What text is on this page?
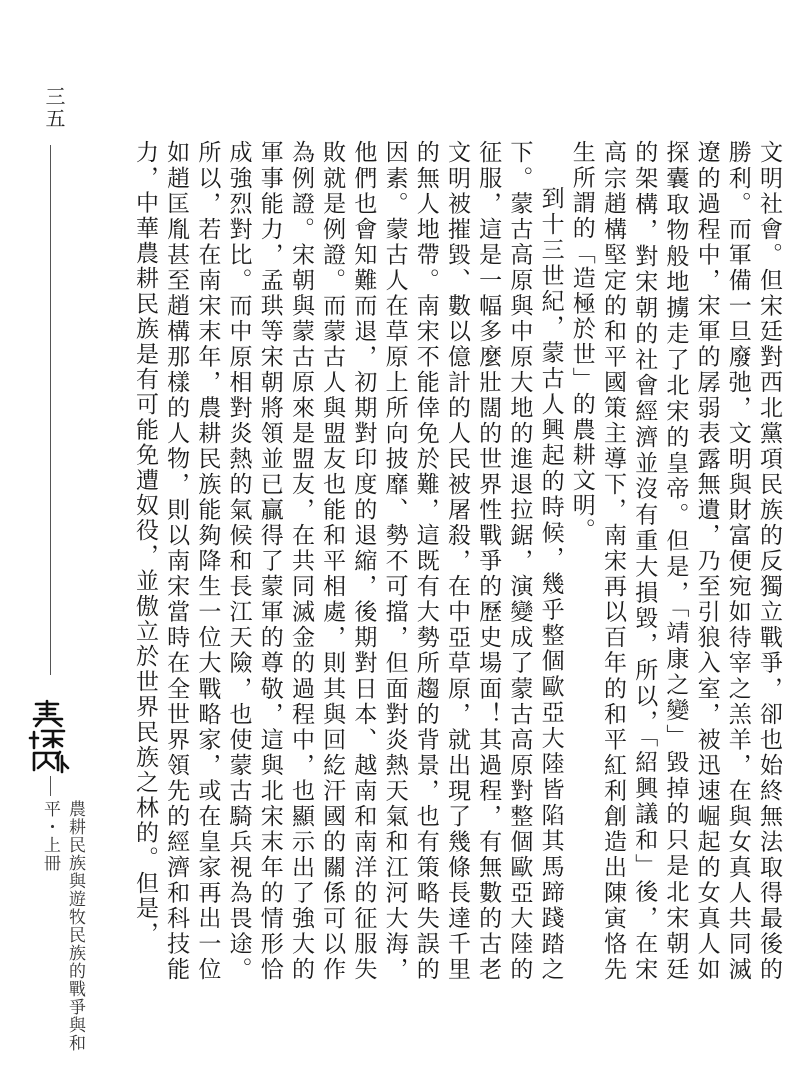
三五
農耕民族與遊牧民族的戰爭與和平・上冊	文明社會。但宋廷對西北黨項民族的反獨立戰爭，卻也始終無法取得最後的勝利。而軍備一旦廢弛，文明與財富便宛如待宰之羔羊，在與女真人共同滅遼的過程中，宋軍的孱弱表露無遺，乃至引狼入室，被迅速崛起的女真人如探囊取物般地擄走了北宋的皇帝。但是，「靖康之變」毀掉的只是北宋朝廷的架構，對宋朝的社會經濟並沒有重大損毀，所以，「紹興議和」後，在宋高宗趙構堅定的和平國策主導下，南宋再以百年的和平紅利創造出陳寅恪先生所謂的「造極於世」的農耕文明。

到十三世紀，蒙古人興起的時候，幾乎整個歐亞大陸皆陷其馬蹄踐踏之下。蒙古高原與中原大地的進退拉鋸，演變成了蒙古高原對整個歐亞大陸的征服，這是一幅多麼壯闊的世界性戰爭的歷史場面！其過程，有無數的古老文明被摧毀、數以億計的人民被屠殺，在中亞草原，就出現了幾條長達千里的無人地帶。南宋不能倖免於難，這既有大勢所趨的背景，也有策略失誤的因素。蒙古人在草原上所向披靡、勢不可擋，但面對炎熱天氣和江河大海，他們也會知難而退，初期對印度的退縮，後期對日本、越南和南洋的征服失敗就是例證。而蒙古人與盟友也能和平相處，則其與回紇汗國的關係可以作為例證。宋朝與蒙古原來是盟友，在共同滅金的過程中，也顯示出了強大的軍事能力，孟珙等宋朝將領並已贏得了蒙軍的尊敬，這與北宋末年的情形恰成強烈對比。而中原相對炎熱的氣候和長江天險，也使蒙古騎兵視為畏途。所以，若在南宋末年，農耕民族能夠降生一位大戰略家，或在皇家再出一位如趙匡胤甚至趙構那樣的人物，則以南宋當時在全世界領先的經濟和科技能力，中華農耕民族是有可能免遭奴役，並傲立於世界民族之林的。但是，
